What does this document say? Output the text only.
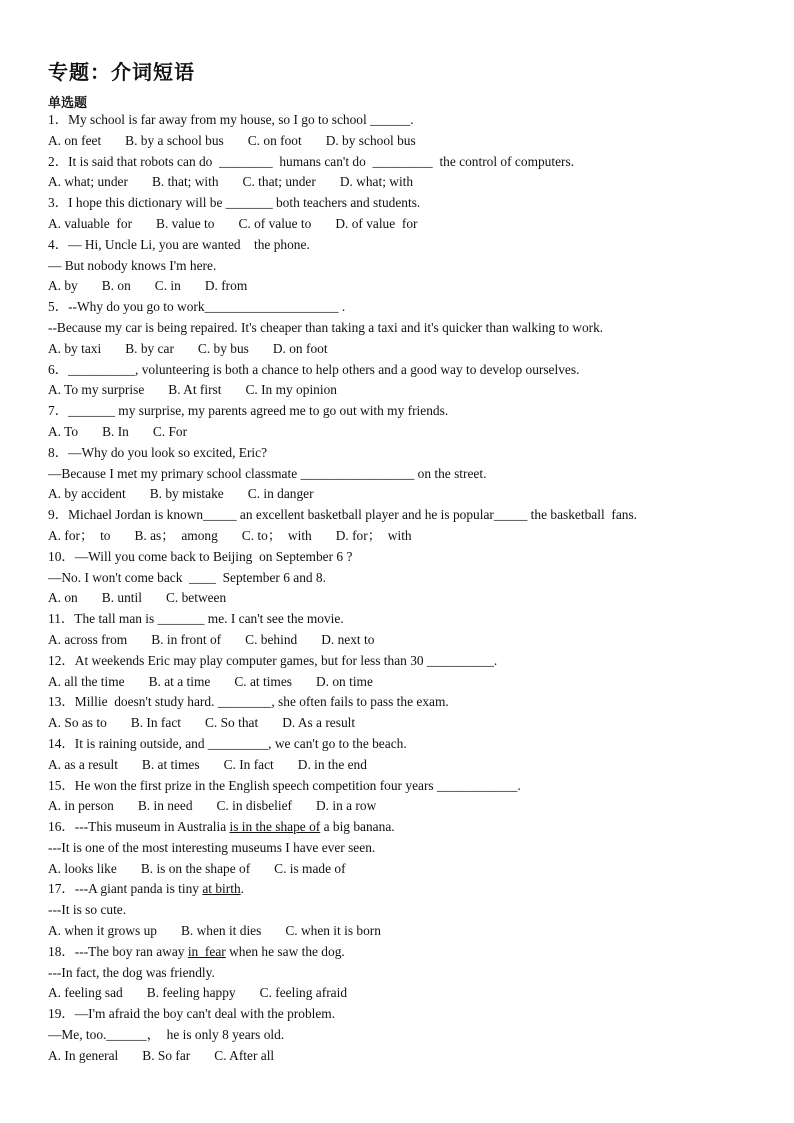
专题：介词短语
单选题
1．My school is far away from my house, so I go to school ______.
A. on feet B. by a school bus C. on foot D. by school bus
2．It is said that robots can do  ________  humans can't do  _________  the control of computers.
A. what; under B. that; with C. that; under D. what; with
3．I hope this dictionary will be _______ both teachers and students.
A. valuable  for B. value to C. of value to D. of value  for
4．— Hi, Uncle Li, you are wanted    the phone.
— But nobody knows I'm here.
A. by B. on C. in D. from
5．--Why do you go to work____________________ .
--Because my car is being repaired. It's cheaper than taking a taxi and it's quicker than walking to work.
A. by taxi B. by car C. by bus D. on foot
6．__________, volunteering is both a chance to help others and a good way to develop ourselves.
A. To my surprise B. At first C. In my opinion
7．_______ my surprise, my parents agreed me to go out with my friends.
A. To B. In C. For
8．—Why do you look so excited, Eric?
—Because I met my primary school classmate _________________ on the street.
A. by accident B. by mistake C. in danger
9．Michael Jordan is known_____ an excellent basketball player and he is popular_____ the basketball  fans.
A. for；  to B. as；  among C. to；  with D. for；  with
10．—Will you come back to Beijing  on September 6 ?
—No. I won't come back  ____  September 6 and 8.
A. on B. until C. between
11．The tall man is _______ me. I can't see the movie.
A. across from B. in front of C. behind D. next to
12．At weekends Eric may play computer games, but for less than 30 __________.
A. all the time B. at a time C. at times D. on time
13．Millie  doesn't study hard. ________, she often fails to pass the exam.
A. So as to B. In fact C. So that D. As a result
14．It is raining outside, and _________, we can't go to the beach.
A. as a result B. at times C. In fact D. in the end
15．He won the first prize in the English speech competition four years ____________.
A. in person B. in need C. in disbelief D. in a row
16．---This museum in Australia is in the shape of a big banana.
---It is one of the most interesting museums I have ever seen.
A. looks like B. is on the shape of C. is made of
17．---A giant panda is tiny at birth.
---It is so cute.
A. when it grows up B. when it dies C. when it is born
18．---The boy ran away in  fear when he saw the dog.
---In fact, the dog was friendly.
A. feeling sad B. feeling happy C. feeling afraid
19．—I'm afraid the boy can't deal with the problem.
—Me, too.______，  he is only 8 years old.
A. In general B. So far C. After all
